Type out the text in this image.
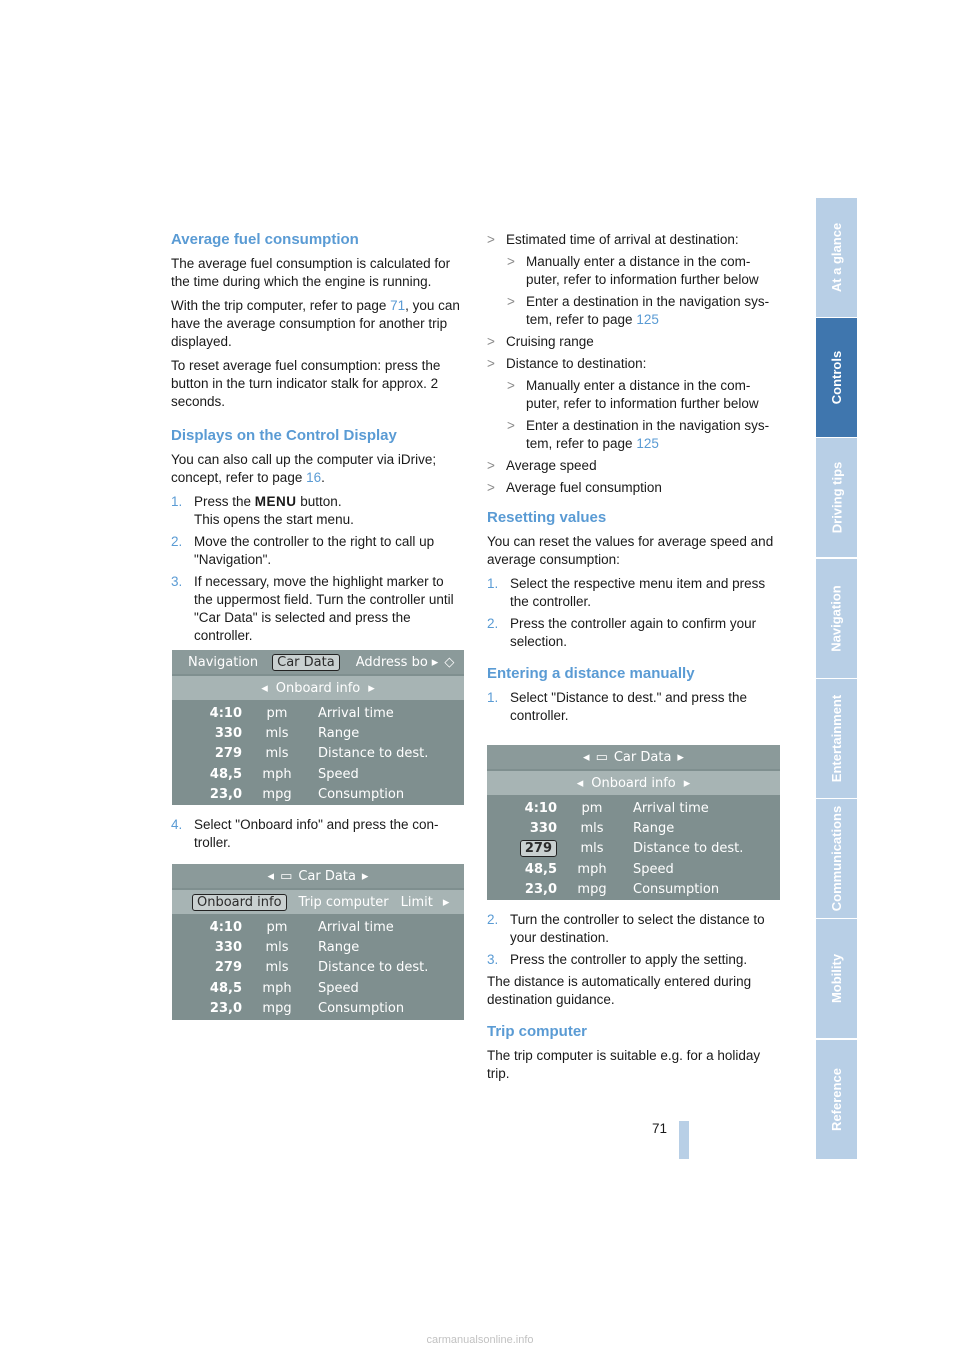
Average fuel consumption

The average fuel consumption is calculated for the time during which the engine is running.

With the trip computer, refer to page 71, you can have the average consumption for another trip displayed.

To reset average fuel consumption: press the button in the turn indicator stalk for approx. 2 seconds.

Displays on the Control Display

You can also call up the computer via iDrive; concept, refer to page 16.

1. Press the MENU button.
This opens the start menu.
2. Move the controller to the right to call up "Navigation".
3. If necessary, move the highlight marker to the uppermost field. Turn the controller until "Car Data" is selected and press the controller.
Navigation	Car Data	Address bo ▸ ◇
◂ Onboard info ▸
4:10	pm	Arrival time
330	mls	Range
279	mls	Distance to dest.
48,5	mph	Speed
23,0	mpg	Consumption
4. Select "Onboard info" and press the con-troller.
◂ ▭ Car Data ▸
Onboard info	Trip computer Limit ▸
4:10	pm	Arrival time
330	mls	Range
279	mls	Distance to dest.
48,5	mph	Speed
23,0	mpg	Consumption
> Estimated time of arrival at destination:
> Manually enter a distance in the com-puter, refer to information further below
> Enter a destination in the navigation sys-tem, refer to page 125
> Cruising range
> Distance to destination:
> Manually enter a distance in the com-puter, refer to information further below
> Enter a destination in the navigation sys-tem, refer to page 125
> Average speed
> Average fuel consumption
Resetting values

You can reset the values for average speed and average consumption:

1. Select the respective menu item and press the controller.
2. Press the controller again to confirm your selection.
Entering a distance manually
1. Select "Distance to dest." and press the controller.
◂ ▭ Car Data ▸
◂ Onboard info ▸
4:10	pm	Arrival time
330	mls	Range
279	mls	Distance to dest.
48,5	mph	Speed
23,0	mpg	Consumption
2. Turn the controller to select the distance to your destination.
3. Press the controller to apply the setting.

The distance is automatically entered during destination guidance.

Trip computer

The trip computer is suitable e.g. for a holiday trip.

At a glance
Controls
Driving tips
Navigation
Entertainment
Communications
Mobility
Reference
71
carmanualsonline.info
